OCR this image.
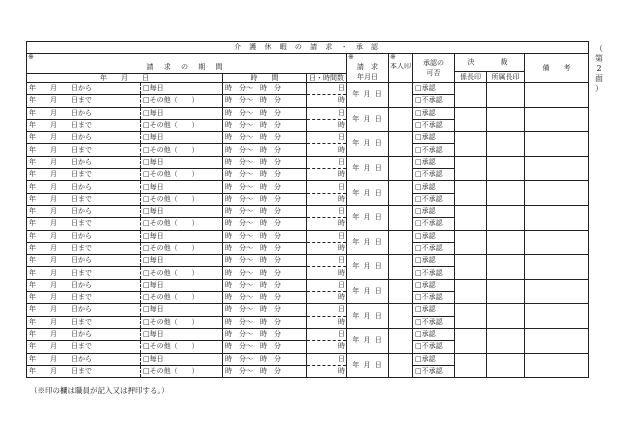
介 護 休 暇 の 請 求 ・ 承 認									
※				※	※	承認の
可否	決　　裁		備　　考
請 求 の 期 間				請　求
年月日	本人印				
							係長印	所属長印	
年　　月　　日		時　　間	日・時間数						
年　　月　　日から	□毎日	時　分～　時　分	日	年 月 日		□承認			
年　　月　　日まで	□その他（　　）	時　分～　時　分	時			□不承認			
年　　月　　日から	□毎日	時　分～　時　分	日	年 月 日		□承認			
年　　月　　日まで	□その他（　　）	時　分～　時　分	時			□不承認			
年　　月　　日から	□毎日	時　分～　時　分	日	年 月 日		□承認			
年　　月　　日まで	□その他（　　）	時　分～　時　分	時			□不承認			
年　　月　　日から	□毎日	時　分～　時　分	日	年 月 日		□承認			
年　　月　　日まで	□その他（　　）	時　分～　時　分	時			□不承認			
年　　月　　日から	□毎日	時　分～　時　分	日	年 月 日		□承認			
年　　月　　日まで	□その他（　　）	時　分～　時　分	時			□不承認			
年　　月　　日から	□毎日	時　分～　時　分	日	年 月 日		□承認			
年　　月　　日まで	□その他（　　）	時　分～　時　分	時			□不承認			
年　　月　　日から	□毎日	時　分～　時　分	日	年 月 日		□承認			
年　　月　　日まで	□その他（　　）	時　分～　時　分	時			□不承認			
年　　月　　日から	□毎日	時　分～　時　分	日	年 月 日		□承認			
年　　月　　日まで	□その他（　　）	時　分～　時　分	時			□不承認			
年　　月　　日から	□毎日	時　分～　時　分	日	年 月 日		□承認			
年　　月　　日まで	□その他（　　）	時　分～　時　分	時			□不承認			
年　　月　　日から	□毎日	時　分～　時　分	日	年 月 日		□承認			
年　　月　　日まで	□その他（　　）	時　分～　時　分	時			□不承認			
年　　月　　日から	□毎日	時　分～　時　分	日	年 月 日		□承認			
年　　月　　日まで	□その他（　　）	時　分～　時　分	時			□不承認			
年　　月　　日から	□毎日	時　分～　時　分	日	年 月 日		□承認			
年　　月　　日まで	□その他（　　）	時　分～　時　分	時			□不承認			
（
第
2
面
）
（※印の欄は職員が記入又は押印する。）
